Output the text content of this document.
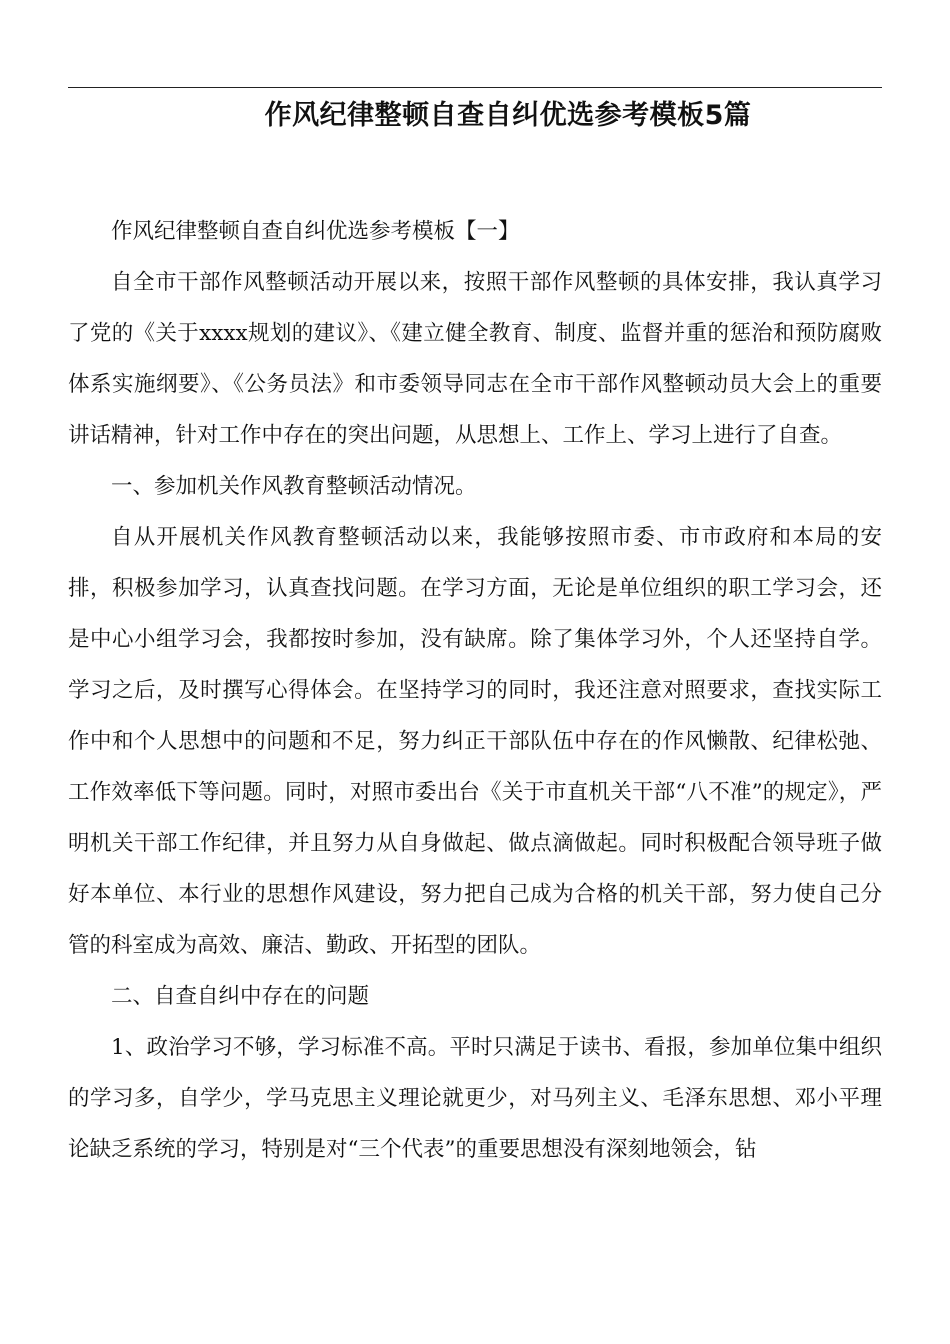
作风纪律整顿自查自纠优选参考模板5篇

作风纪律整顿自查自纠优选参考模板【一】

自全市干部作风整顿活动开展以来，按照干部作风整顿的具体安排，我认真学习了党的《关于xxxx规划的建议》、《建立健全教育、制度、监督并重的惩治和预防腐败体系实施纲要》、《公务员法》和市委领导同志在全市干部作风整顿动员大会上的重要讲话精神，针对工作中存在的突出问题，从思想上、工作上、学习上进行了自查。

一、参加机关作风教育整顿活动情况。

自从开展机关作风教育整顿活动以来，我能够按照市委、市市政府和本局的安排，积极参加学习，认真查找问题。在学习方面，无论是单位组织的职工学习会，还是中心小组学习会，我都按时参加，没有缺席。除了集体学习外，个人还坚持自学。学习之后，及时撰写心得体会。在坚持学习的同时，我还注意对照要求，查找实际工作中和个人思想中的问题和不足，努力纠正干部队伍中存在的作风懒散、纪律松弛、工作效率低下等问题。同时，对照市委出台《关于市直机关干部“八不准”的规定》，严明机关干部工作纪律，并且努力从自身做起、做点滴做起。同时积极配合领导班子做好本单位、本行业的思想作风建设，努力把自己成为合格的机关干部，努力使自己分管的科室成为高效、廉洁、勤政、开拓型的团队。

二、自查自纠中存在的问题

1、政治学习不够，学习标准不高。平时只满足于读书、看报，参加单位集中组织的学习多，自学少，学马克思主义理论就更少，对马列主义、毛泽东思想、邓小平理论缺乏系统的学习，特别是对“三个代表”的重要思想没有深刻地领会，钻
